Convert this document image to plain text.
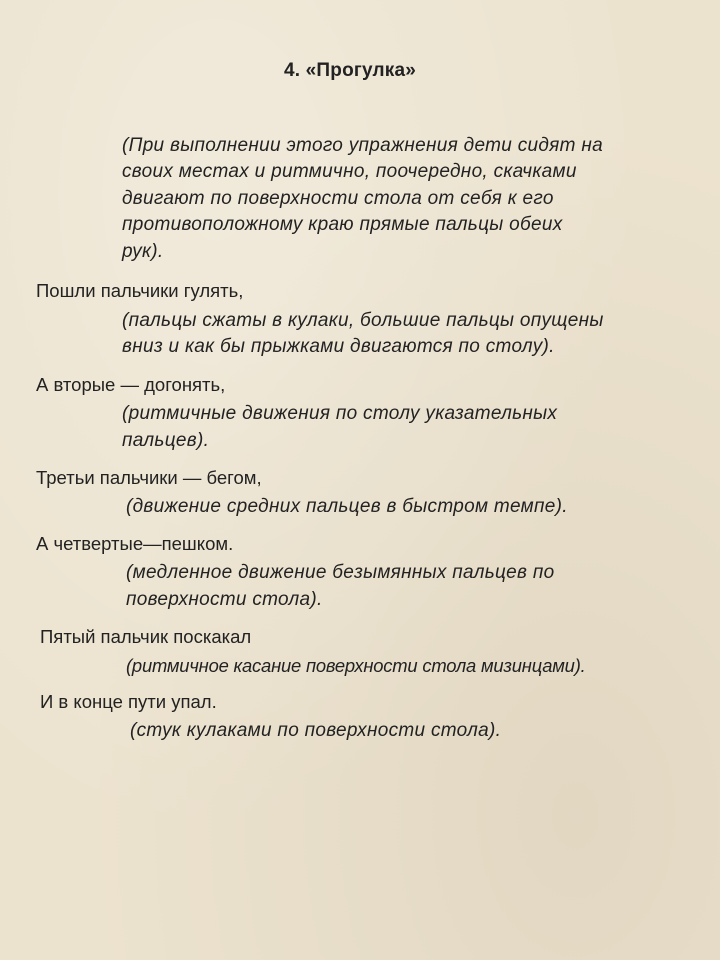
4. «Прогулка»
(При выполнении этого упражнения дети сидят на
своих местах и ритмично, поочередно, скачками
двигают по поверхности стола от себя к его
противоположному краю прямые пальцы обеих
рук).
Пошли пальчики гулять,
(пальцы сжаты в кулаки, большие пальцы опущены
вниз и как бы прыжками двигаются по столу).
А вторые — догонять,
(ритмичные движения по столу указательных
пальцев).
Третьи пальчики — бегом,
(движение средних пальцев в быстром темпе).
А четвертые—пешком.
(медленное движение безымянных пальцев по
поверхности стола).
Пятый пальчик поскакал
(ритмичное касание поверхности стола мизинцами).
И в конце пути упал.
(стук кулаками по поверхности стола).
